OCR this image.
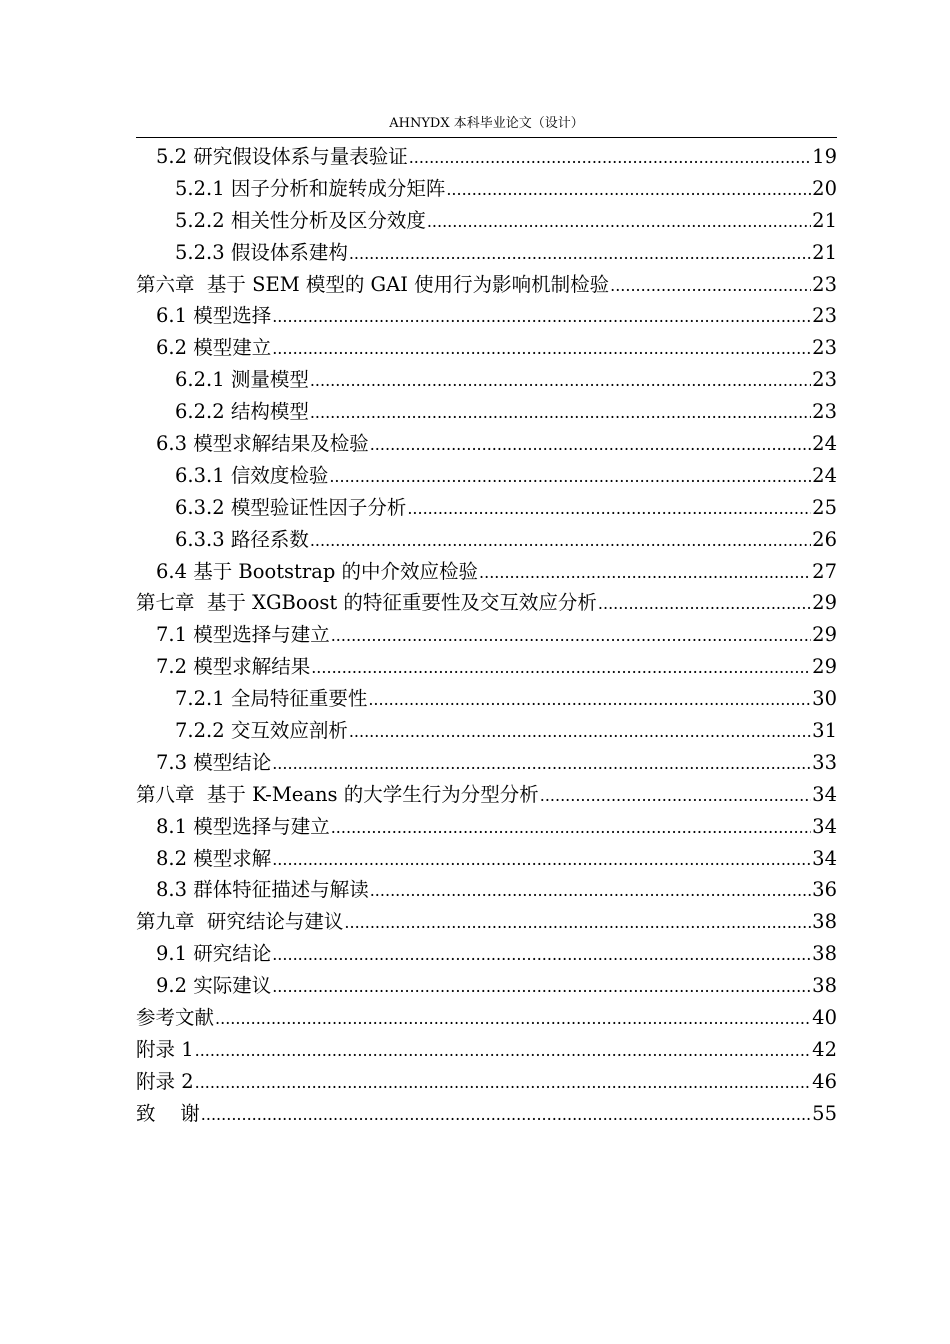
AHNYDX 本科毕业论文（设计）
5.2 研究假设体系与量表验证 .....	19
5.2.1 因子分析和旋转成分矩阵 .....	20
5.2.2 相关性分析及区分效度 .....	21
5.2.3 假设体系建构 .....	21
第六章  基于 SEM 模型的 GAI 使用行为影响机制检验 .....	23
6.1 模型选择 .....	23
6.2 模型建立 .....	23
6.2.1 测量模型 .....	23
6.2.2 结构模型 .....	23
6.3 模型求解结果及检验 .....	24
6.3.1 信效度检验 .....	24
6.3.2 模型验证性因子分析 .....	25
6.3.3 路径系数 .....	26
6.4 基于 Bootstrap 的中介效应检验 .....	27
第七章  基于 XGBoost 的特征重要性及交互效应分析 .....	29
7.1 模型选择与建立 .....	29
7.2 模型求解结果 .....	29
7.2.1 全局特征重要性 .....	30
7.2.2 交互效应剖析 .....	31
7.3 模型结论 .....	33
第八章  基于 K-Means 的大学生行为分型分析 .....	34
8.1 模型选择与建立 .....	34
8.2 模型求解 .....	34
8.3 群体特征描述与解读 .....	36
第九章  研究结论与建议 .....	38
9.1 研究结论 .....	38
9.2 实际建议 .....	38
参考文献 .....	40
附录 1 .....	42
附录 2 .....	46
致    谢 .....	55
